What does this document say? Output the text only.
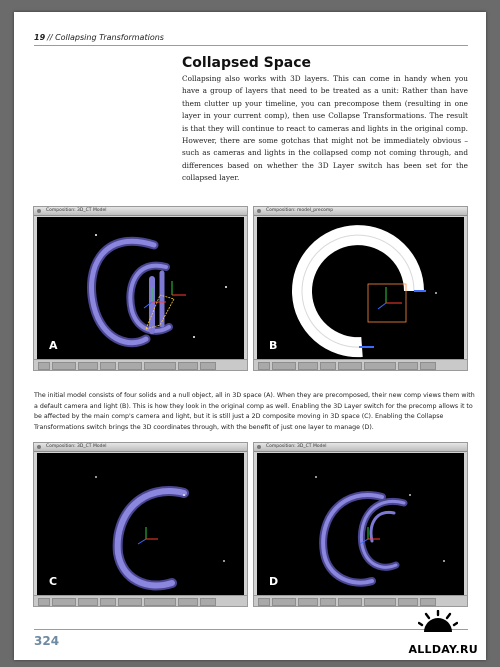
19 // Collapsing Transformations
Collapsed Space

Collapsing also works with 3D layers. This can come in handy when you have a group of layers that need to be treated as a unit: Rather than have them clutter up your timeline, you can precompose them (resulting in one layer in your current comp), then use Collapse Transformations. The result is that they will continue to react to cameras and lights in the original comp. However, there are some gotchas that might not be immediately obvious – such as cameras and lights in the collapsed comp not coming through, and differences based on whether the 3D Layer switch has been set for the collapsed layer.

Composition: 3D_CT Model
A
Composition: model_precomp
B

The initial model consists of four solids and a null object, all in 3D space (A). When they are precomposed, their new comp views them with a default camera and light (B). This is how they look in the original comp as well. Enabling the 3D Layer switch for the precomp allows it to be affected by the main comp's camera and light, but it is still just a 2D composite moving in 3D space (C). Enabling the Collapse Transformations switch brings the 3D coordinates through, with the benefit of just one layer to manage (D).

Composition: 3D_CT Model
C
Composition: 3D_CT Model
D
324
ALLDAY.RU
